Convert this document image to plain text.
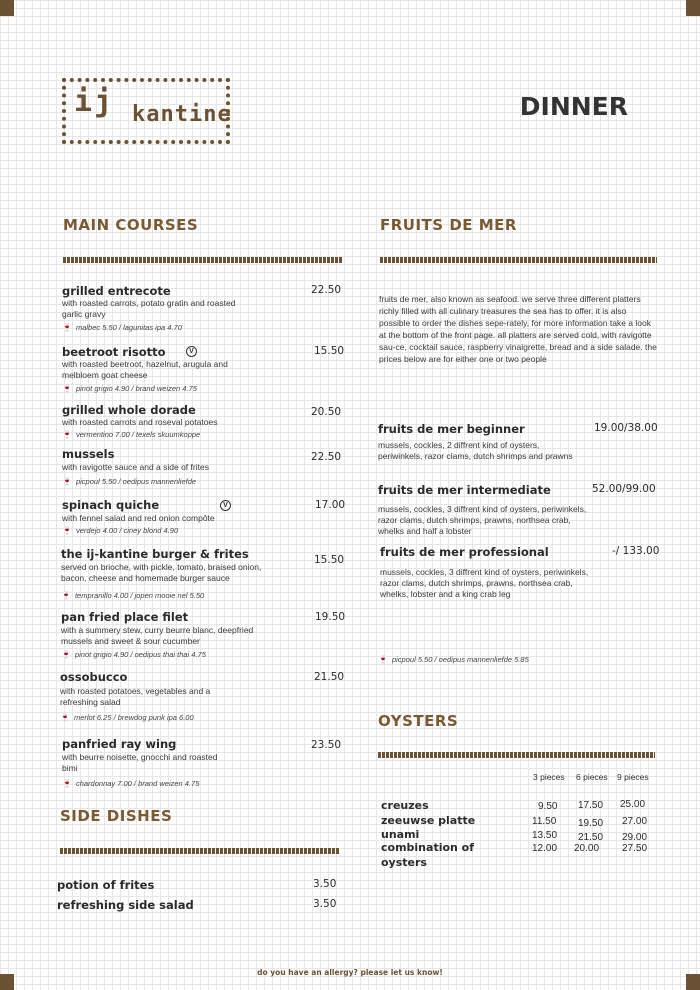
ij kantine	DINNER
MAIN COURSES
grilled entrecote	22.50
with roasted carrots, potato gratin and roasted garlic gravy
🍷 malbec 5.50 / lagunitas ipa 4.70
beetroot risotto	V	15.50
with roasted beetroot, hazelnut, arugula and melbloem goat cheese
🍷 pinot grigio 4.90 / brand weizen 4.75
grilled whole dorade	20.50
with roasted carrots and roseval potatoes
🍷 vermentino 7.00 / texels skuumkoppe
mussels	22.50
with ravigotte sauce and a side of frites
🍷 picpoul 5.50 / oedipus mannenliefde
spinach quiche	V	17.00
with fennel salad and red onion compôte
🍷 verdejo 4.00 / ciney blond 4.90
the ij-kantine burger & frites	15.50
served on brioche, with pickle, tomato, braised onion, bacon, cheese and homemade burger sauce
🍷 tempranillo 4.00 / jopen mooie nel 5.50
pan fried place filet	19.50
with a summery stew, curry beurre blanc, deepfried mussels and sweet & sour cucumber
🍷 pinot grigio 4.90 / oedipus thai thai 4.75
ossobucco	21.50
with roasted potatoes, vegetables and a refreshing salad
🍷 merlot 6.25 / brewdog punk ipa 6.00
panfried ray wing	23.50
with beurre noisette, gnocchi and roasted bimi
🍷 chardonnay 7.00 / brand weizen 4.75
SIDE DISHES
potion of frites	3.50
refreshing side salad	3.50
FRUITS DE MER
fruits de mer, also known as seafood. we serve three different platters richly filled with all culinary treasures the sea has to offer. it is also possible to order the dishes sepe-rately, for more information take a look at the bottom of the front page. all platters are served cold, with ravigotte sau-ce, cocktail sauce, raspberry vinaigrette, bread and a side salade. the prices below are for either one or two people
fruits de mer beginner	19.00/38.00
mussels, cockles, 2 diffrent kind of oysters, periwinkels, razor clams, dutch shrimps and prawns
fruits de mer intermediate	52.00/99.00
mussels, cockles, 3 diffrent kind of oysters, periwinkels, razor clams, dutch shrimps, prawns, northsea crab, whelks and half a lobster
fruits de mer professional	-/ 133.00
mussels, cockles, 3 diffrent kind of oysters, periwinkels, razor clams, dutch shrimps, prawns, northsea crab, whelks, lobster and a king crab leg
🍷 picpoul 5.50 / oedipus mannenliefde 5.85
OYSTERS
3 pieces 6 pieces 9 pieces
creuzes	9.50 17.50 25.00
zeeuwse platte	11.50 19.50 27.00
unami	13.50 21.50 29.00
combination of oysters
12.00 20.00 27.50
do you have an allergy? please let us know!
